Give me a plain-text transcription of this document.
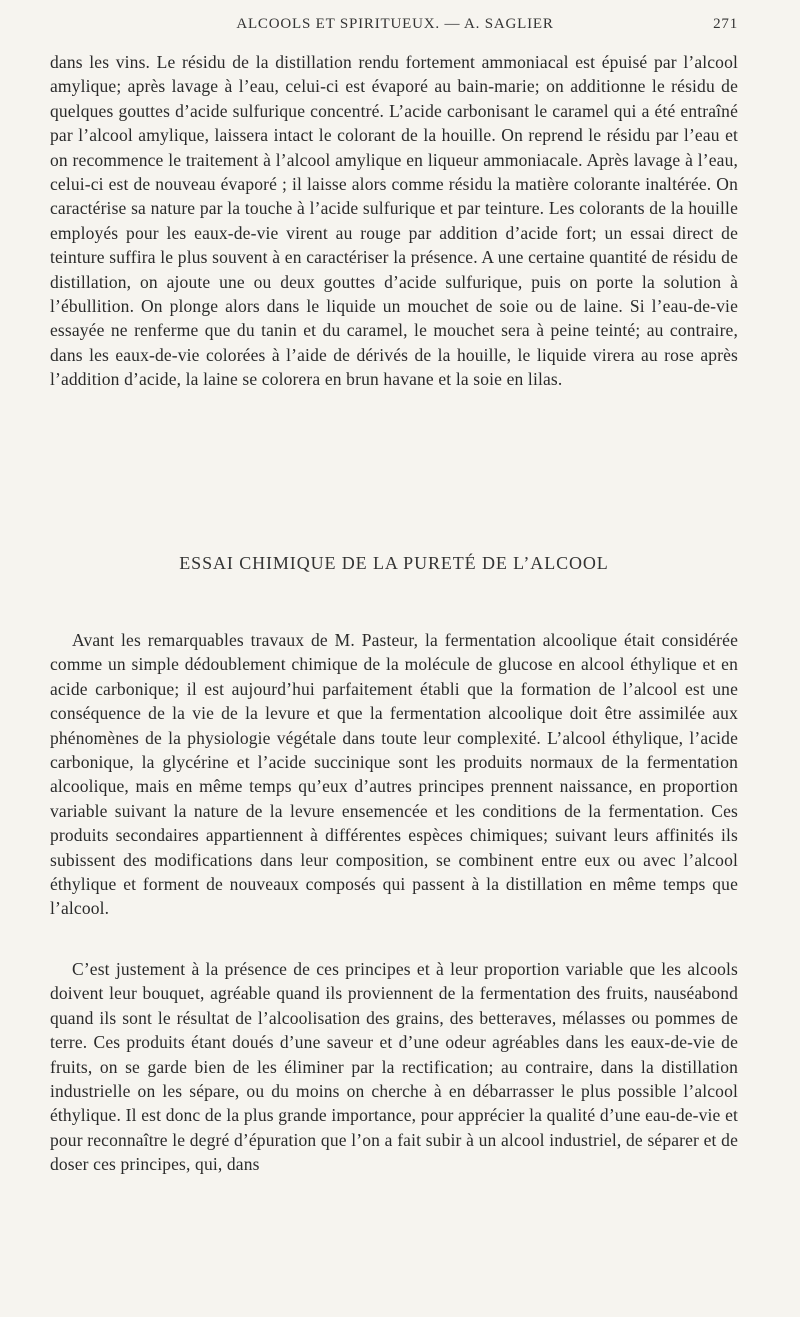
ALCOOLS ET SPIRITUEUX. — A. SAGLIER	271

dans les vins. Le résidu de la distillation rendu fortement ammoniacal est épuisé par l’alcool amylique; après lavage à l’eau, celui-ci est évaporé au bain-marie; on additionne le résidu de quelques gouttes d’acide sulfurique concentré. L’acide carbonisant le caramel qui a été entraîné par l’alcool amylique, laissera intact le colorant de la houille. On reprend le résidu par l’eau et on recommence le traitement à l’alcool amylique en liqueur ammoniacale. Après lavage à l’eau, celui-ci est de nouveau évaporé ; il laisse alors comme résidu la matière colorante inaltérée. On caractérise sa nature par la touche à l’acide sulfurique et par teinture. Les colorants de la houille employés pour les eaux-de-vie virent au rouge par addition d’acide fort; un essai direct de teinture suffira le plus souvent à en caractériser la présence. A une certaine quantité de résidu de distillation, on ajoute une ou deux gouttes d’acide sulfurique, puis on porte la solution à l’ébullition. On plonge alors dans le liquide un mouchet de soie ou de laine. Si l’eau-de-vie essayée ne renferme que du tanin et du caramel, le mouchet sera à peine teinté; au contraire, dans les eaux-de-vie colorées à l’aide de dérivés de la houille, le liquide virera au rose après l’addition d’acide, la laine se colorera en brun havane et la soie en lilas.

ESSAI CHIMIQUE DE LA PURETÉ DE L’ALCOOL

Avant les remarquables travaux de M. Pasteur, la fermentation alcoolique était considérée comme un simple dédoublement chimique de la molécule de glucose en alcool éthylique et en acide carbonique; il est aujourd’hui parfaitement établi que la formation de l’alcool est une conséquence de la vie de la levure et que la fermentation alcoolique doit être assimilée aux phénomènes de la physiologie végétale dans toute leur complexité. L’alcool éthylique, l’acide carbonique, la glycérine et l’acide succinique sont les produits normaux de la fermentation alcoolique, mais en même temps qu’eux d’autres principes prennent naissance, en proportion variable suivant la nature de la levure ensemencée et les conditions de la fermentation. Ces produits secondaires appartiennent à différentes espèces chimiques; suivant leurs affinités ils subissent des modifications dans leur composition, se combinent entre eux ou avec l’alcool éthylique et forment de nouveaux composés qui passent à la distillation en même temps que l’alcool.

C’est justement à la présence de ces principes et à leur proportion variable que les alcools doivent leur bouquet, agréable quand ils proviennent de la fermentation des fruits, nauséabond quand ils sont le résultat de l’alcoolisation des grains, des betteraves, mélasses ou pommes de terre. Ces produits étant doués d’une saveur et d’une odeur agréables dans les eaux-de-vie de fruits, on se garde bien de les éliminer par la rectification; au contraire, dans la distillation industrielle on les sépare, ou du moins on cherche à en débarrasser le plus possible l’alcool éthylique. Il est donc de la plus grande importance, pour apprécier la qualité d’une eau-de-vie et pour reconnaître le degré d’épuration que l’on a fait subir à un alcool industriel, de séparer et de doser ces principes, qui, dans
